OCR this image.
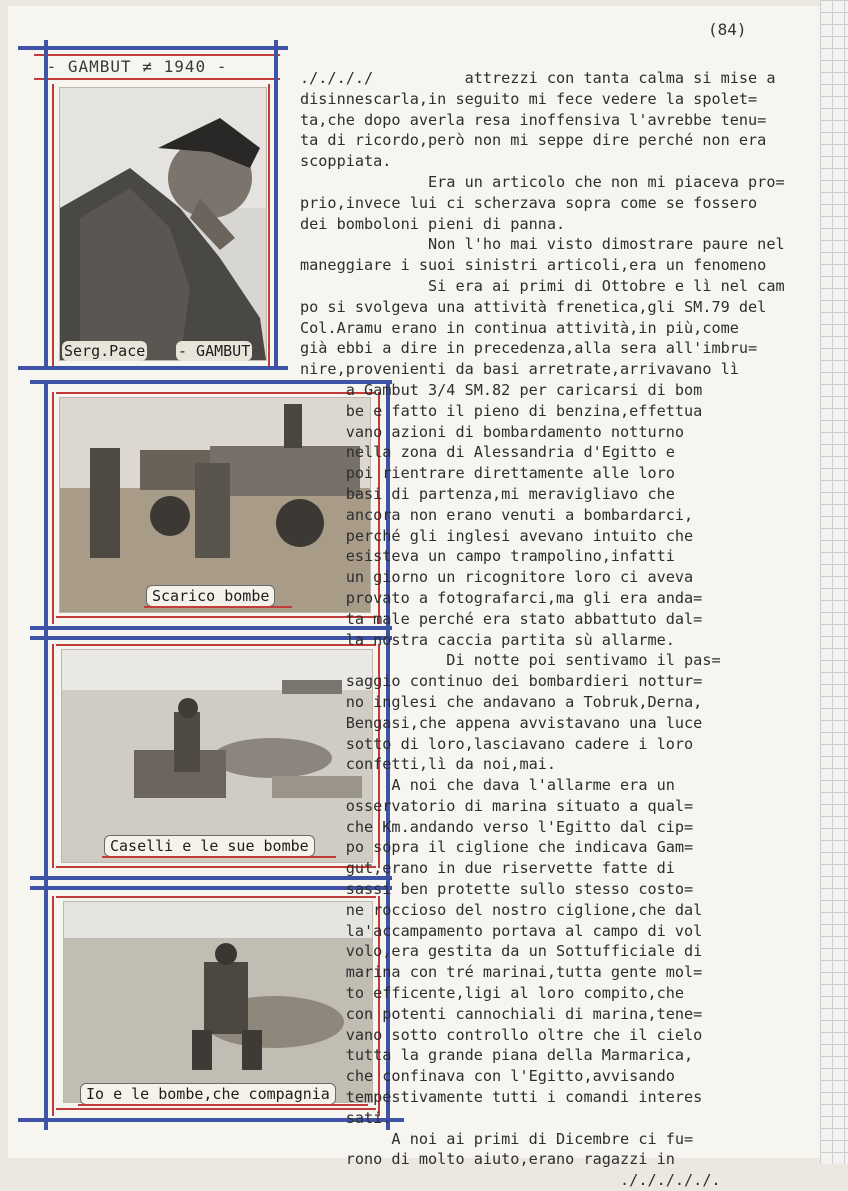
(84)
- GAMBUT ≠ 1940 -
Serg.Pace - GAMBUT
Scarico bombe
Caselli e le sue bombe
Io e le bombe,che compagnia
././././          attrezzi con tanta calma si mise a
disinnescarla,in seguito mi fece vedere la spolet=
ta,che dopo averla resa inoffensiva l'avrebbe tenu=
ta di ricordo,però non mi seppe dire perché non era
scoppiata.
Era un articolo che non mi piaceva pro=
prio,invece lui ci scherzava sopra come se fossero
dei bomboloni pieni di panna.
Non l'ho mai visto dimostrare paure nel
maneggiare i suoi sinistri articoli,era un fenomeno
Si era ai primi di Ottobre e lì nel cam
po si svolgeva una attività frenetica,gli SM.79 del
Col.Aramu erano in continua attività,in più,come
già ebbi a dire in precedenza,alla sera all'imbru=
nire,provenienti da basi arretrate,arrivavano lì
a Gambut 3/4 SM.82 per caricarsi di bom
be e fatto il pieno di benzina,effettua
vano azioni di bombardamento notturno
nella zona di Alessandria d'Egitto e
poi rientrare direttamente alle loro
basi di partenza,mi meravigliavo che
ancora non erano venuti a bombardarci,
perché gli inglesi avevano intuito che
esisteva un campo trampolino,infatti
un giorno un ricognitore loro ci aveva
provato a fotografarci,ma gli era anda=
ta male perché era stato abbattuto dal=
la nostra caccia partita sù allarme.
Di notte poi sentivamo il pas=
saggio continuo dei bombardieri nottur=
no inglesi che andavano a Tobruk,Derna,
Bengasi,che appena avvistavano una luce
sotto di loro,lasciavano cadere i loro
confetti,lì da noi,mai.
A noi che dava l'allarme era un
osservatorio di marina situato a qual=
che Km.andando verso l'Egitto dal cip=
po sopra il ciglione che indicava Gam=
gut,erano in due riservette fatte di
sassi ben protette sullo stesso costo=
ne roccioso del nostro ciglione,che dal
la'accampamento portava al campo di vol
volo,era gestita da un Sottufficiale di
marina con tré marinai,tutta gente mol=
to efficente,ligi al loro compito,che
con potenti cannochiali di marina,tene=
vano sotto controllo oltre che il cielo
tutta la grande piana della Marmarica,
che confinava con l'Egitto,avvisando
tempestivamente tutti i comandi interes
sati.
A noi ai primi di Dicembre ci fu=
rono di molto aiuto,erano ragazzi in
./././././.
